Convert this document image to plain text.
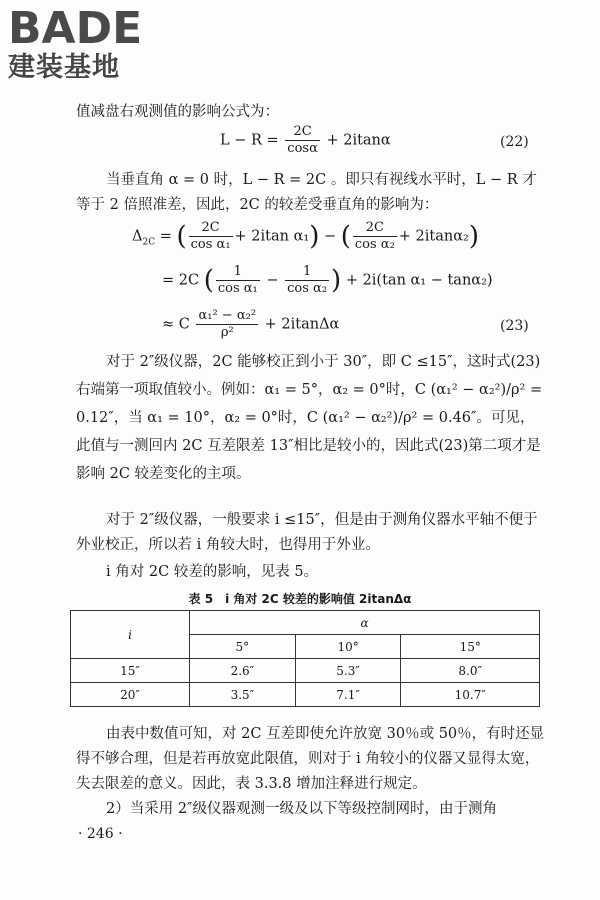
BADE
建装基地
值减盘右观测值的影响公式为：
$L - R = \frac{2C}{\cos\alpha} + 2itan\alpha$	(22)
当垂直角 α = 0 时，L − R = 2C 。即只有视线水平时，L − R 才等于 2 倍照准差，因此，2C 的较差受垂直角的影响为：
$\Delta_{2C}$ = ( $\frac{2C}{\text{cos α₁}} + 2itan$ α₁) − ( $\frac{2C}{\text{cos α₂}} + 2itan\alpha_2$)
= 2C ( $\frac{1}{\text{cos α₁}} - \frac{1}{\text{cos α₂}}$ ) + 2i(tan α₁ − tanα₂)
≈ C $\frac{\text{α₁² − α₂²}}{\text{ρ²}} + 2itan\Delta\alpha$	(23)
对于 2″级仪器，2C 能够校正到小于 30″，即 C ≤15″，这时式(23)右端第一项取值较小。例如：α₁ = 5°，α₂ = 0°时，C (α₁² − α₂²)/ρ² = 0.12″，当 α₁ = 10°，α₂ = 0°时，C (α₁² − α₂²)/ρ² = 0.46″。可见，此值与一测回内 2C 互差限差 13″相比是较小的，因此式(23)第二项才是影响 2C 较差变化的主项。
对于 2″级仪器，一般要求 i ≤15″，但是由于测角仪器水平轴不便于外业校正，所以若 i 角较大时，也得用于外业。
i 角对 2C 较差的影响，见表 5。
表 5　i 角对 2C 较差的影响值 2itanΔα
i	α		
	5°	10°	15°
15″	2.6″	5.3″	8.0″
20″	3.5″	7.1″	10.7″
由表中数值可知，对 2C 互差即使允许放宽 30％或 50％，有时还显得不够合理，但是若再放宽此限值，则对于 i 角较小的仪器又显得太宽，失去限差的意义。因此，表 3.3.8 增加注释进行规定。
2）当采用 2″级仪器观测一级及以下等级控制网时，由于测角
· 246 ·
